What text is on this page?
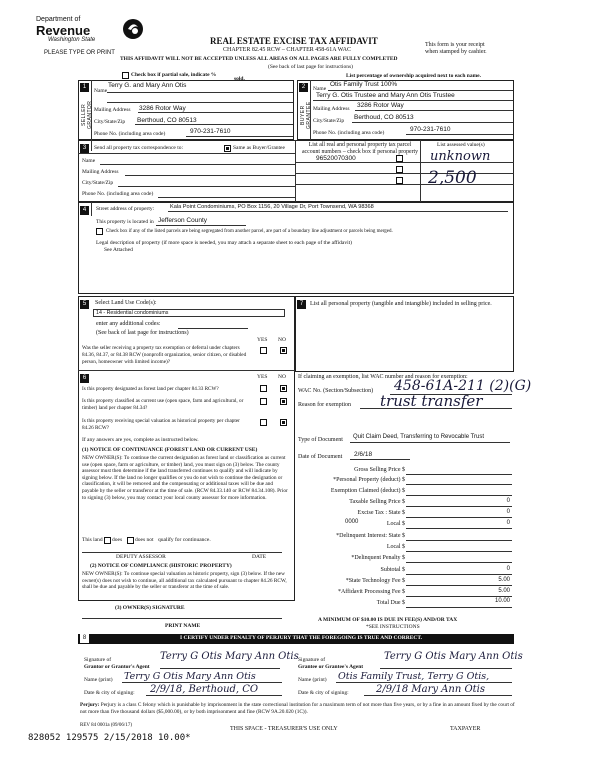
Department of
Revenue
Washington State
PLEASE TYPE OR PRINT
REAL ESTATE EXCISE TAX AFFIDAVIT
CHAPTER 82.45 RCW – CHAPTER 458-61A WAC
THIS AFFIDAVIT WILL NOT BE ACCEPTED UNLESS ALL AREAS ON ALL PAGES ARE FULLY COMPLETED
(See back of last page for instructions)
This form is your receipt
when stamped by cashier.
Check box if partial sale, indicate %
sold.	List percentage of ownership acquired next to each name.
1
SELLER GRANTOR
Name
Terry G. and Mary Ann Otis
Mailing Address 3286 Rotor Way
City/State/Zip Berthoud, CO 80513
Phone No. (including area code)	970-231-7610
2
BUYER GRANTEE
Name
Otis Family Trust 100%
Terry G. Otis Trustee and Mary Ann Otis Trustee
Mailing Address 3286 Rotor Way
City/State/Zip Berthoud, CO 80513
Phone No. (including area code)	970-231-7610
3	Send all property tax correspondence to:	Same as Buyer/Grantee
Name
Mailing Address
City/State/Zip
Phone No. (including area code)
List all real and personal property tax parcel account numbers – check box if personal property
List assessed value(s)
96520070300	unknown
2,500
4	Street address of property:	Kala Point Condominiums, PO Box 1156, 20 Village Dr, Port Townsend, WA 98368
This property is located in Jefferson County
Check box if any of the listed parcels are being segregated from another parcel, are part of a boundary line adjustment or parcels being merged.
Legal description of property (if more space is needed, you may attach a separate sheet to each page of the affidavit)
See Attached
5	Select Land Use Code(s):
14 - Residential condominiums
enter any additional codes:
(See back of last page for instructions)
YES NO
Was the seller receiving a property tax exemption or deferral under chapters 84.36, 84.37, or 84.38 RCW (nonprofit organization, senior citizen, or disabled person, homeowner with limited income)?
6	YES NO
Is this property designated as forest land per chapter 84.33 RCW?
Is this property classified as current use (open space, farm and agricultural, or timber) land per chapter 84.34?
Is this property receiving special valuation as historical property per chapter 84.26 RCW?
If any answers are yes, complete as instructed below.
(1) NOTICE OF CONTINUANCE (FOREST LAND OR CURRENT USE)
NEW OWNER(S): To continue the current designation as forest land or classification as current use (open space, farm or agriculture, or timber) land, you must sign on (3) below. The county assessor must then determine if the land transferred continues to qualify and will indicate by signing below. If the land no longer qualifies or you do not wish to continue the designation or classification, it will be removed and the compensating or additional taxes will be due and payable by the seller or transferor at the time of sale. (RCW 84.33.140 or RCW 84.34.108). Prior to signing (3) below, you may contact your local county assessor for more information.
This land does does not qualify for continuance.
DEPUTY ASSESSOR	DATE
(2) NOTICE OF COMPLIANCE (HISTORIC PROPERTY)
NEW OWNER(S): To continue special valuation as historic property, sign (3) below. If the new owner(s) does not wish to continue, all additional tax calculated pursuant to chapter 84.26 RCW, shall be due and payable by the seller or transferor at the time of sale.
(3) OWNER(S) SIGNATURE
PRINT NAME
7	List all personal property (tangible and intangible) included in selling price.
If claiming an exemption, list WAC number and reason for exemption:
WAC No. (Section/Subsection) 458-61A-211 (2)(G)
Reason for exemption trust transfer
Type of Document Quit Claim Deed, Transferring to Revocable Trust
Date of Document 2/6/18
Gross Selling Price $
*Personal Property (deduct) $
Exemption Claimed (deduct) $
Taxable Selling Price $	0
Excise Tax : State $	0
0000	Local $	0
*Delinquent Interest: State $
Local $
*Delinquent Penalty $
Subtotal $	0
*State Technology Fee $	5.00
*Affidavit Processing Fee $	5.00
Total Due $	10.00
A MINIMUM OF $10.00 IS DUE IN FEE(S) AND/OR TAX
*SEE INSTRUCTIONS
8	I CERTIFY UNDER PENALTY OF PERJURY THAT THE FOREGOING IS TRUE AND CORRECT.
Signature of
Grantor or Grantor's Agent
Terry G Otis Mary Ann Otis
Name (print) Terry G Otis Mary Ann Otis
Date & city of signing: 2/9/18, Berthoud, CO
Signature of
Grantee or Grantee's Agent
Terry G Otis Mary Ann Otis
Name (print) Otis Family Trust, Terry G Otis,
Date & city of signing:	2/9/18 Mary Ann Otis
Perjury: Perjury is a class C felony which is punishable by imprisonment in the state correctional institution for a maximum term of not more than five years, or by a fine in an amount fixed by the court of not more than five thousand dollars ($5,000.00), or by both imprisonment and fine (RCW 9A.20.020 (1C)).
REV 84 0001a (09/06/17)
THIS SPACE - TREASURER'S USE ONLY	TAXPAYER
828052 129575 2/15/2018 10.00*
